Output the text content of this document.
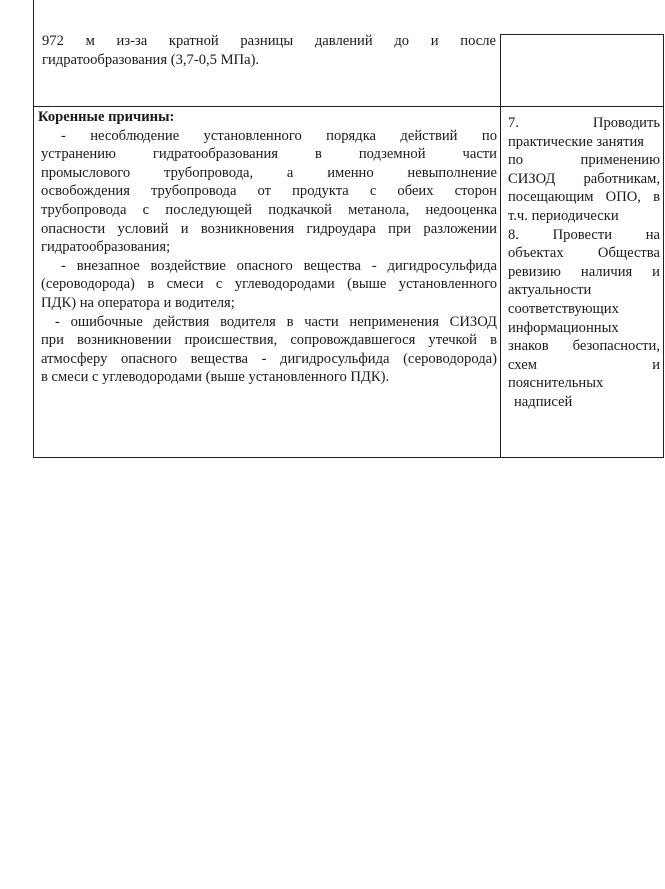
972 м из-за кратной разницы давлений до и после
гидратообразования (3,7-0,5 МПа).
Коренные причины:
- несоблюдение установленного порядка действий по
устранению гидратообразования в подземной части
промыслового трубопровода, а именно невыполнение
освобождения трубопровода от продукта с обеих сторон
трубопровода с последующей подкачкой метанола, недооценка
опасности условий и возникновения гидроудара при разложении
гидратообразования;
- внезапное воздействие опасного вещества - дигидросульфида
(сероводорода) в смеси с углеводородами (выше установленного
ПДК) на оператора и водителя;
- ошибочные действия водителя в части неприменения СИЗОД
при возникновении происшествия, сопровождавшегося утечкой в
атмосферу опасного вещества - дигидросульфида (сероводорода)
в смеси с углеводородами (выше установленного ПДК).
7. Проводить
практические занятия
по применению
СИЗОД работникам,
посещающим ОПО, в
т.ч. периодически
8. Провести на
объектах Общества
ревизию наличия и
актуальности
соответствующих
информационных
знаков безопасности,
схем и
пояснительных
надписей
